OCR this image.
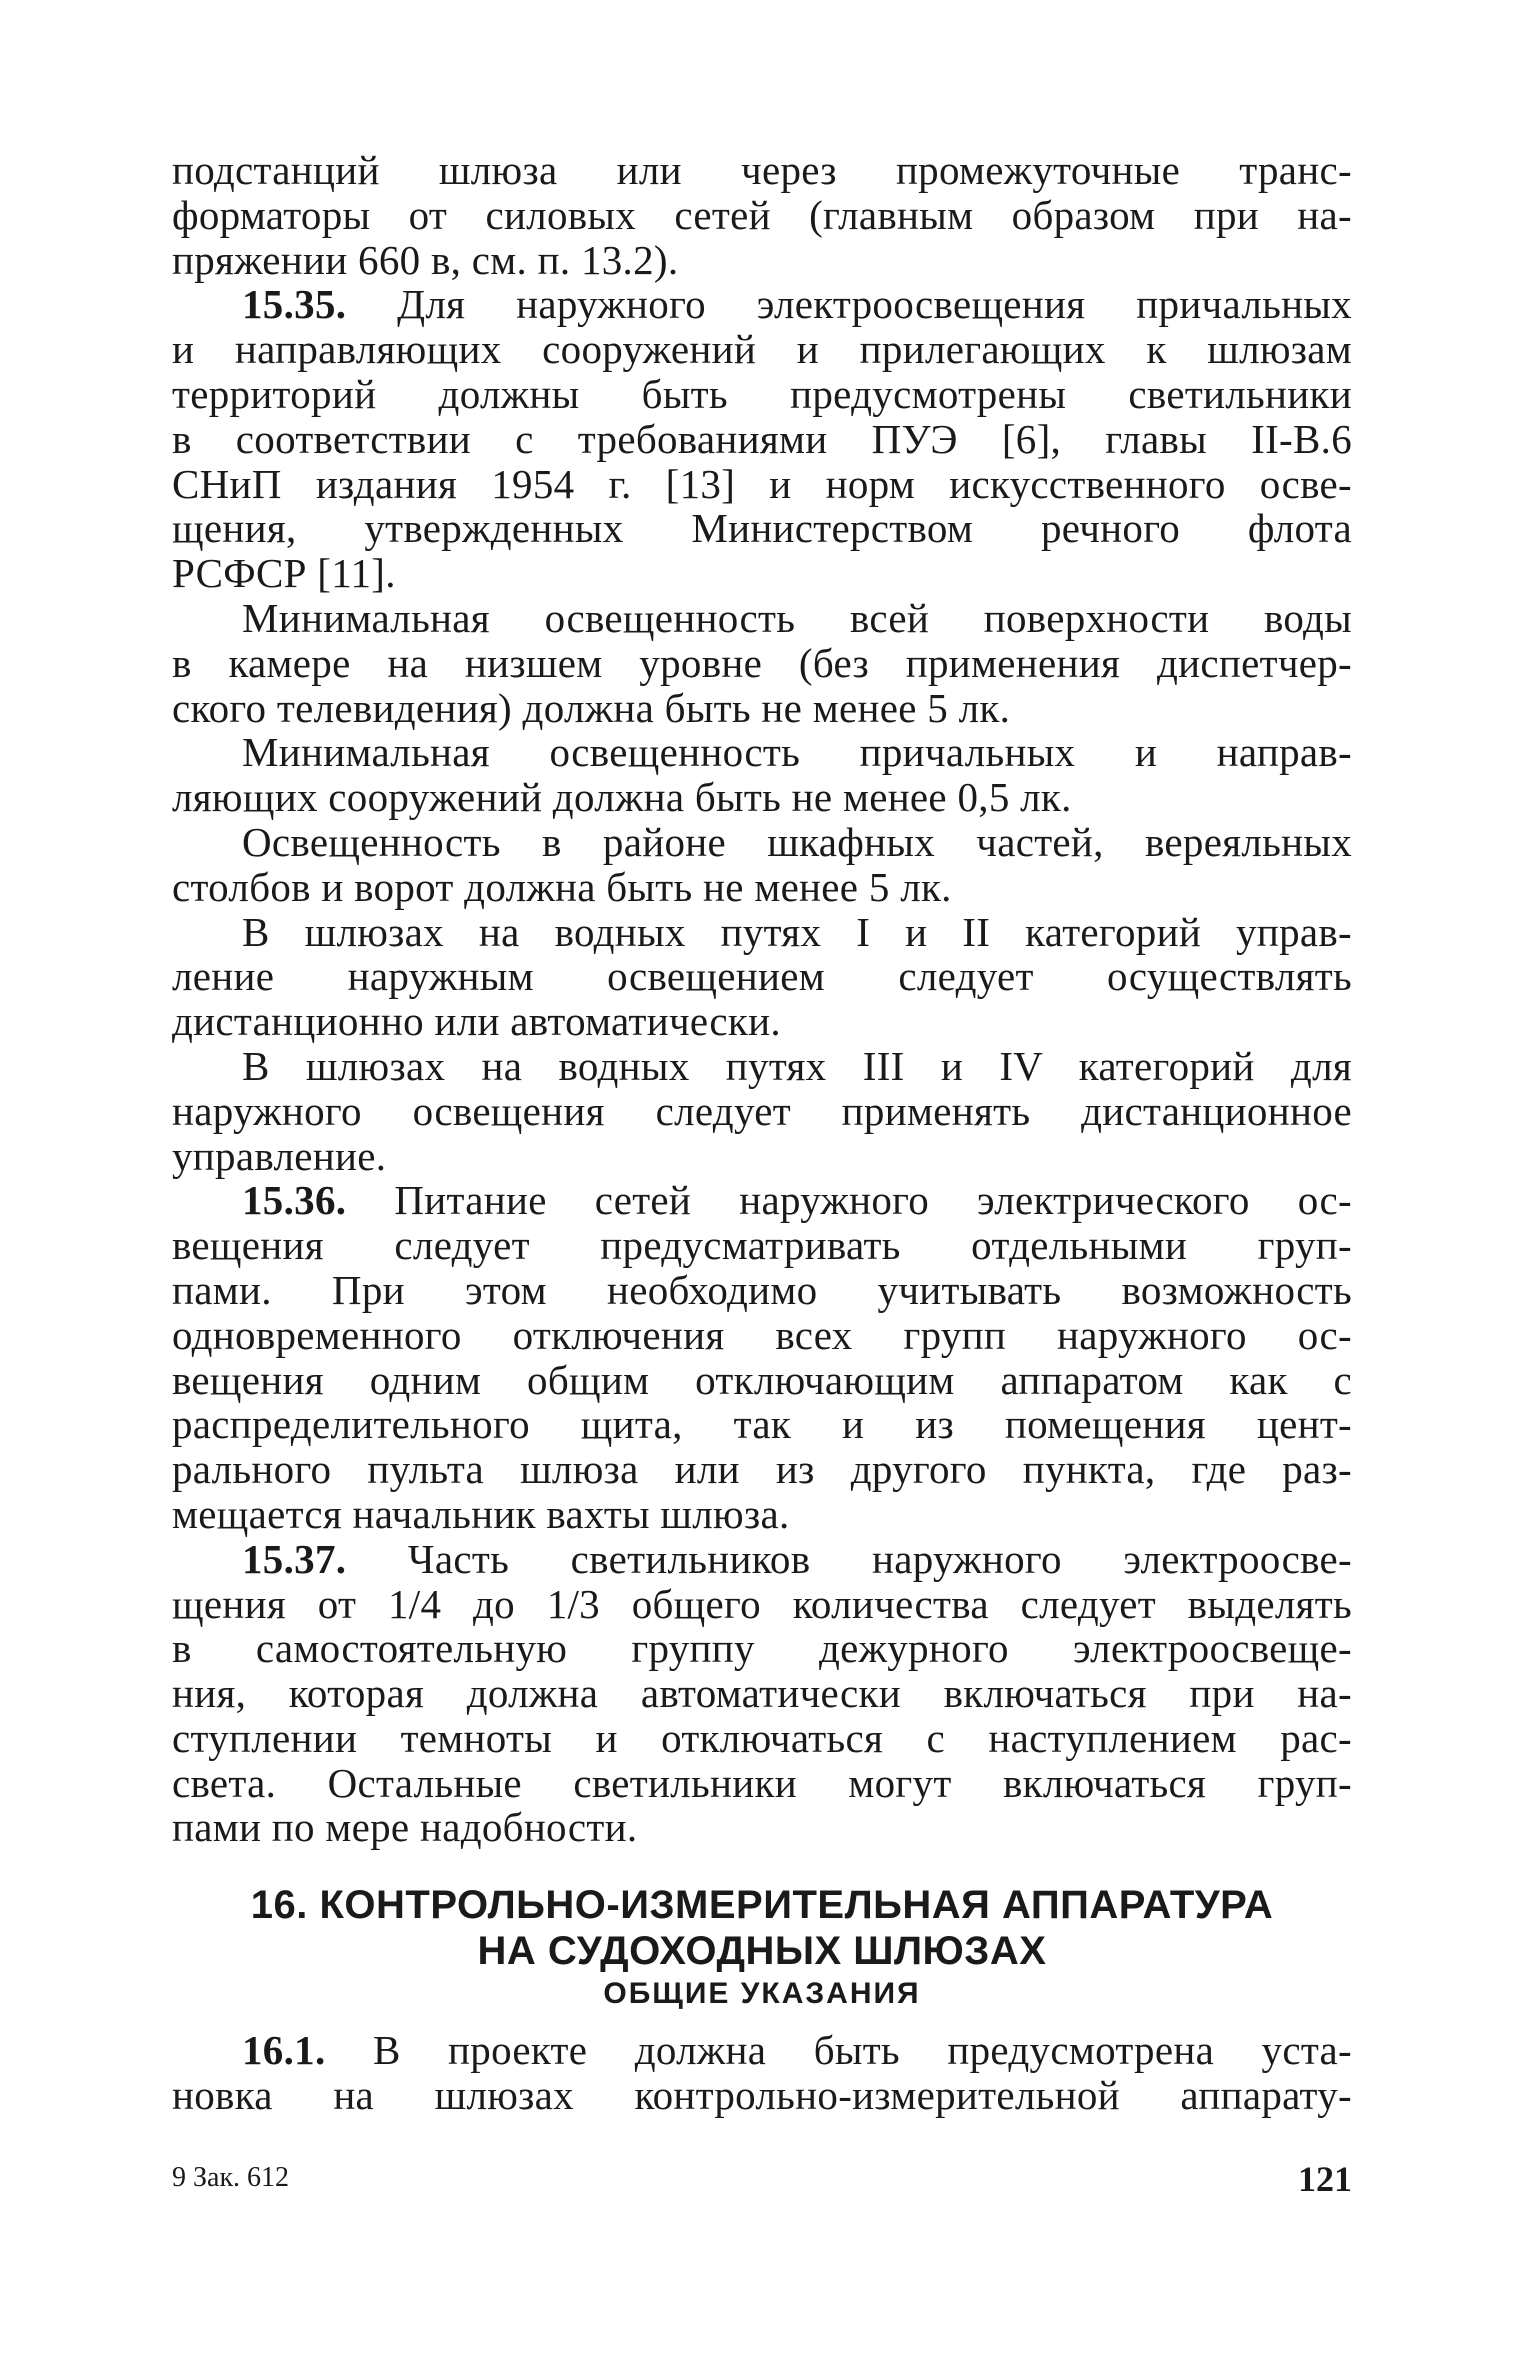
подстанций шлюза или через промежуточные транс-
форматоры от силовых сетей (главным образом при на-
пряжении 660 в, см. п. 13.2).
15.35. Для наружного электроосвещения причальных
и направляющих сооружений и прилегающих к шлюзам
территорий должны быть предусмотрены светильники
в соответствии с требованиями ПУЭ [6], главы II-В.6
СНиП издания 1954 г. [13] и норм искусственного осве-
щения, утвержденных Министерством речного флота
РСФСР [11].
Минимальная освещенность всей поверхности воды
в камере на низшем уровне (без применения диспетчер-
ского телевидения) должна быть не менее 5 лк.
Минимальная освещенность причальных и направ-
ляющих сооружений должна быть не менее 0,5 лк.
Освещенность в районе шкафных частей, вереяльных
столбов и ворот должна быть не менее 5 лк.
В шлюзах на водных путях I и II категорий управ-
ление наружным освещением следует осуществлять
дистанционно или автоматически.
В шлюзах на водных путях III и IV категорий для
наружного освещения следует применять дистанционное
управление.
15.36. Питание сетей наружного электрического ос-
вещения следует предусматривать отдельными груп-
пами. При этом необходимо учитывать возможность
одновременного отключения всех групп наружного ос-
вещения одним общим отключающим аппаратом как с
распределительного щита, так и из помещения цент-
рального пульта шлюза или из другого пункта, где раз-
мещается начальник вахты шлюза.
15.37. Часть светильников наружного электроосве-
щения от 1/4 до 1/3 общего количества следует выделять
в самостоятельную группу дежурного электроосвеще-
ния, которая должна автоматически включаться при на-
ступлении темноты и отключаться с наступлением рас-
света. Остальные светильники могут включаться груп-
пами по мере надобности.
16. КОНТРОЛЬНО-ИЗМЕРИТЕЛЬНАЯ АППАРАТУРА
НА СУДОХОДНЫХ ШЛЮЗАХ
ОБЩИЕ УКАЗАНИЯ
16.1. В проекте должна быть предусмотрена уста-
новка на шлюзах контрольно-измерительной аппарату-
9 Зак. 612	121
